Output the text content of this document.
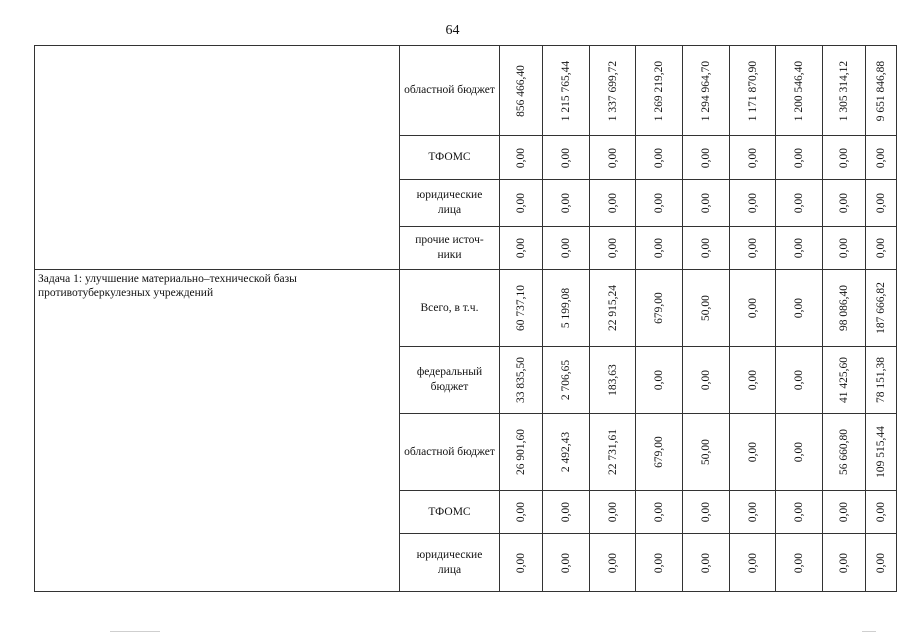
64
	областной бюджет	856 466,40	1 215 765,44	1 337 699,72	1 269 219,20	1 294 964,70	1 171 870,90	1 200 546,40	1 305 314,12	9 651 846,88

	ТФОМС	0,00	0,00	0,00	0,00	0,00	0,00	0,00	0,00	0,00

	юридические лица	0,00	0,00	0,00	0,00	0,00	0,00	0,00	0,00	0,00

	прочие источ-ники	0,00	0,00	0,00	0,00	0,00	0,00	0,00	0,00	0,00

Задача 1: улучшение материально–технической базы противотуберкулезных учреждений	Всего, в т.ч.	60 737,10	5 199,08	22 915,24	679,00	50,00	0,00	0,00	98 086,40	187 666,82

	федеральный бюджет	33 835,50	2 706,65	183,63	0,00	0,00	0,00	0,00	41 425,60	78 151,38

	областной бюджет	26 901,60	2 492,43	22 731,61	679,00	50,00	0,00	0,00	56 660,80	109 515,44

	ТФОМС	0,00	0,00	0,00	0,00	0,00	0,00	0,00	0,00	0,00

	юридические лица	0,00	0,00	0,00	0,00	0,00	0,00	0,00	0,00	0,00
